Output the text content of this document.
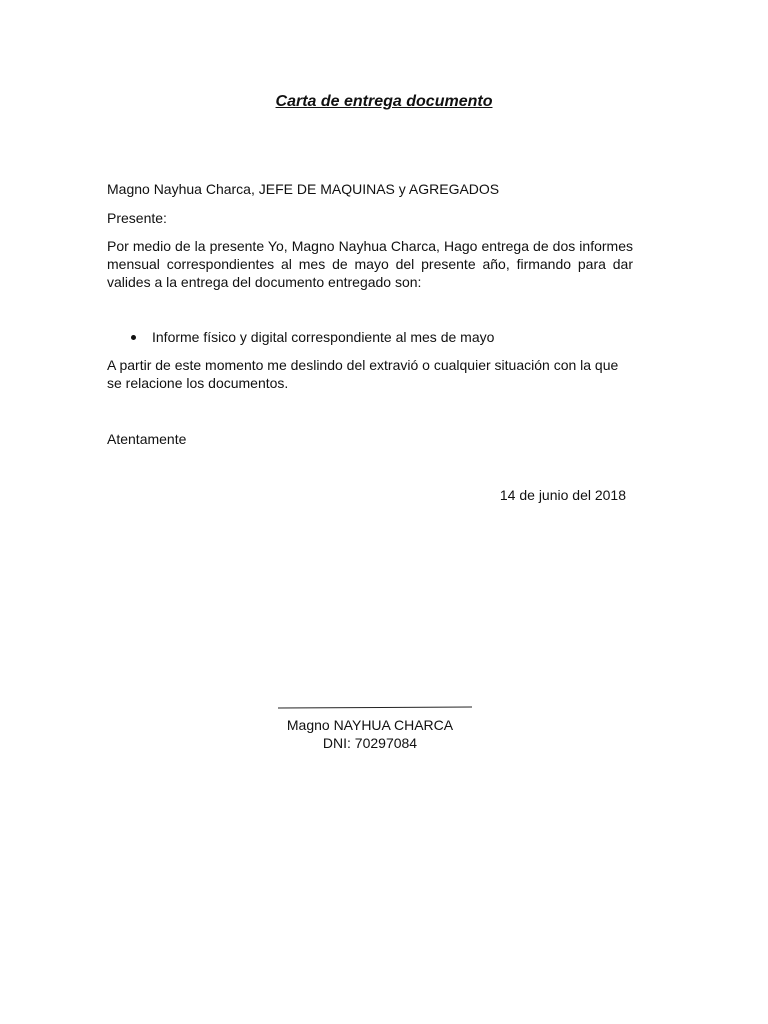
Carta de entrega documento
Magno Nayhua Charca, JEFE DE MAQUINAS y AGREGADOS
Presente:
Por medio de la presente Yo, Magno Nayhua Charca, Hago entrega de dos informes mensual correspondientes al mes de mayo del presente año, firmando para dar valides a la entrega del documento entregado son:
Informe físico y digital correspondiente al mes de mayo
A partir de este momento me deslindo del extravió o cualquier situación con la que se relacione los documentos.
Atentamente
14 de junio del 2018
Magno NAYHUA CHARCA
DNI: 70297084
